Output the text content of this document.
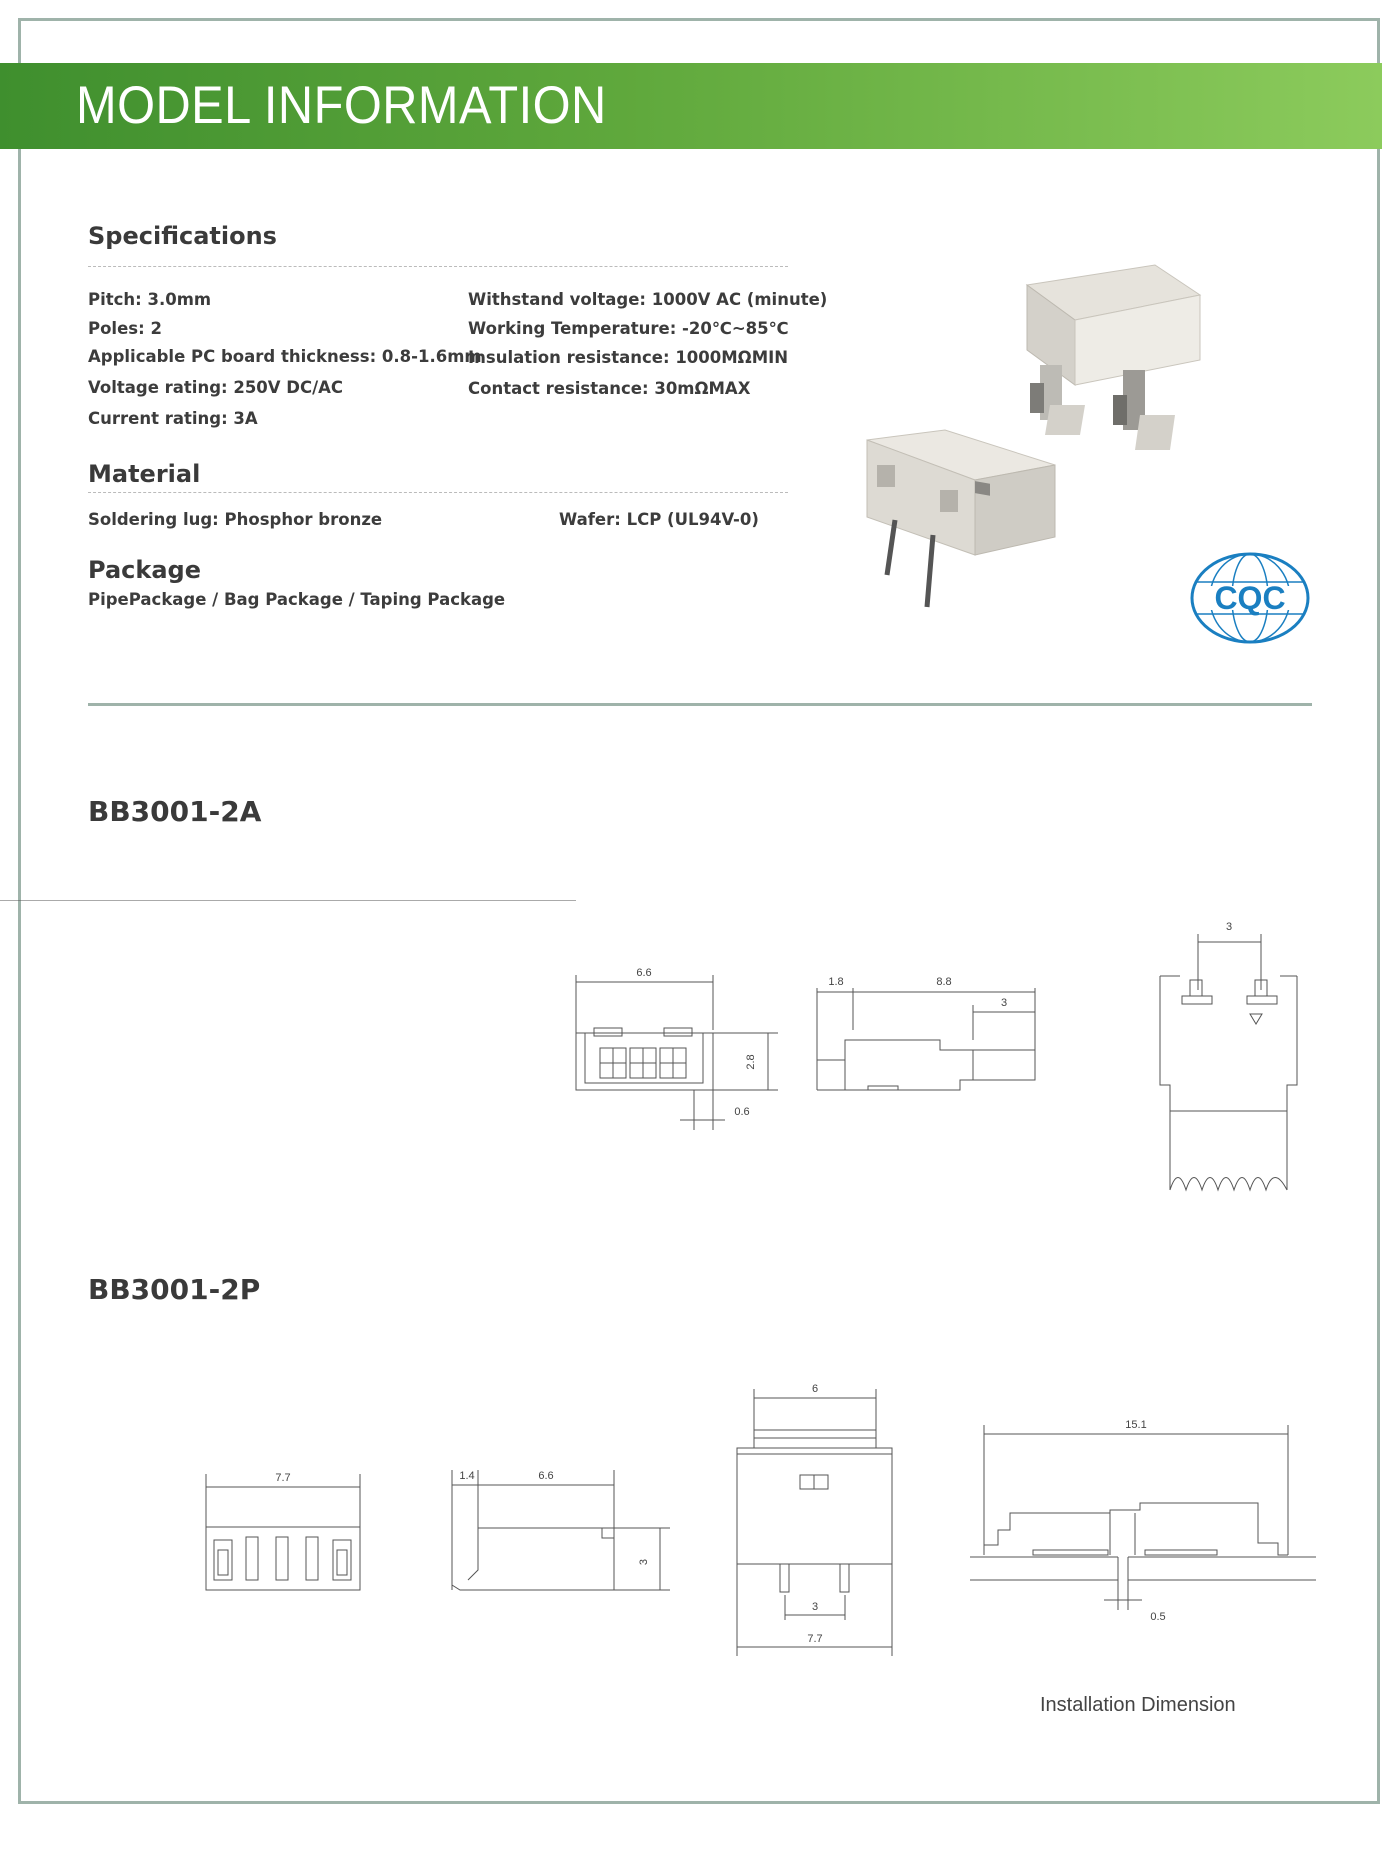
MODEL INFORMATION
Specifications
Pitch: 3.0mm
Poles: 2
Applicable PC board thickness: 0.8-1.6mm
Voltage rating: 250V DC/AC
Current rating: 3A
Withstand voltage: 1000V AC (minute)
Working Temperature: -20℃~85℃
Insulation resistance: 1000MΩMIN
Contact resistance: 30mΩMAX
Material
Soldering lug: Phosphor bronze	Wafer: LCP (UL94V-0)
Package
PipePackage / Bag Package / Taping Package	CQC
BB3001-2A
6.6
2.8
0.6
1.8	8.8
3
3
BB3001-2P
7.7	1.4	6.6
3
6
3
7.7
15.1
0.5
Installation Dimension
